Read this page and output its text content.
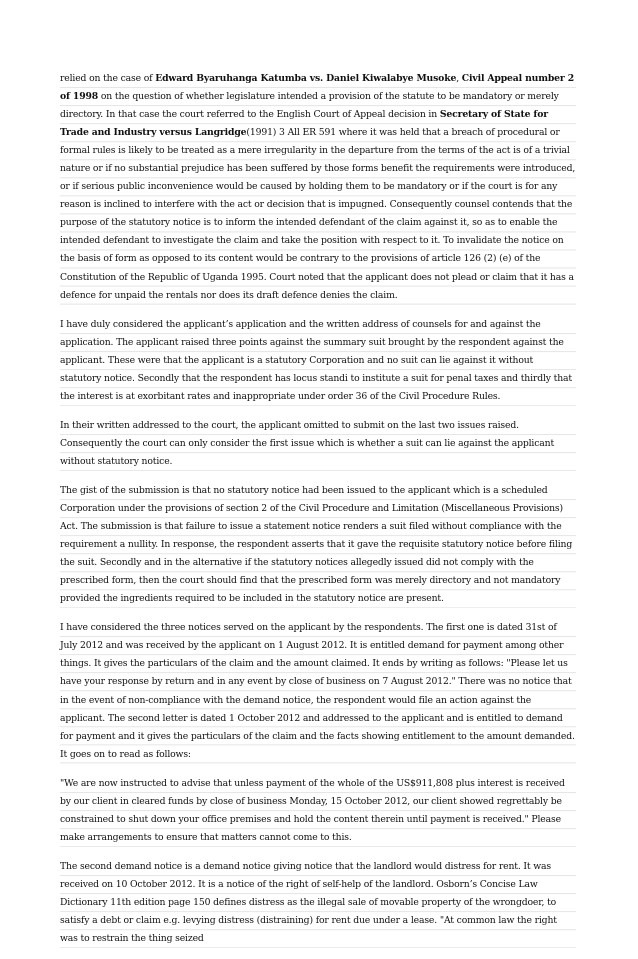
relied on the case of Edward Byaruhanga Katumba vs. Daniel Kiwalabye Musoke, Civil Appeal number 2 of 1998 on the question of whether legislature intended a provision of the statute to be mandatory or merely directory. In that case the court referred to the English Court of Appeal decision in Secretary of State for Trade and Industry versus Langridge(1991) 3 All ER 591 where it was held that a breach of procedural or formal rules is likely to be treated as a mere irregularity in the departure from the terms of the act is of a trivial nature or if no substantial prejudice has been suffered by those forms benefit the requirements were introduced, or if serious public inconvenience would be caused by holding them to be mandatory or if the court is for any reason is inclined to interfere with the act or decision that is impugned. Consequently counsel contends that the purpose of the statutory notice is to inform the intended defendant of the claim against it, so as to enable the intended defendant to investigate the claim and take the position with respect to it. To invalidate the notice on the basis of form as opposed to its content would be contrary to the provisions of article 126 (2) (e) of the Constitution of the Republic of Uganda 1995. Court noted that the applicant does not plead or claim that it has a defence for unpaid the rentals nor does its draft defence denies the claim.

I have duly considered the applicant’s application and the written address of counsels for and against the application. The applicant raised three points against the summary suit brought by the respondent against the applicant. These were that the applicant is a statutory Corporation and no suit can lie against it without statutory notice. Secondly that the respondent has locus standi to institute a suit for penal taxes and thirdly that the interest is at exorbitant rates and inappropriate under order 36 of the Civil Procedure Rules.

In their written addressed to the court, the applicant omitted to submit on the last two issues raised. Consequently the court can only consider the first issue which is whether a suit can lie against the applicant without statutory notice.

The gist of the submission is that no statutory notice had been issued to the applicant which is a scheduled Corporation under the provisions of section 2 of the Civil Procedure and Limitation (Miscellaneous Provisions) Act. The submission is that failure to issue a statement notice renders a suit filed without compliance with the requirement a nullity. In response, the respondent asserts that it gave the requisite statutory notice before filing the suit. Secondly and in the alternative if the statutory notices allegedly issued did not comply with the prescribed form, then the court should find that the prescribed form was merely directory and not mandatory provided the ingredients required to be included in the statutory notice are present.

I have considered the three notices served on the applicant by the respondents. The first one is dated 31st of July 2012 and was received by the applicant on 1 August 2012. It is entitled demand for payment among other things. It gives the particulars of the claim and the amount claimed. It ends by writing as follows: "Please let us have your response by return and in any event by close of business on 7 August 2012." There was no notice that in the event of non-compliance with the demand notice, the respondent would file an action against the applicant. The second letter is dated 1 October 2012 and addressed to the applicant and is entitled to demand for payment and it gives the particulars of the claim and the facts showing entitlement to the amount demanded. It goes on to read as follows:

"We are now instructed to advise that unless payment of the whole of the US$911,808 plus interest is received by our client in cleared funds by close of business Monday, 15 October 2012, our client showed regrettably be constrained to shut down your office premises and hold the content therein until payment is received." Please make arrangements to ensure that matters cannot come to this.

The second demand notice is a demand notice giving notice that the landlord would distress for rent. It was received on 10 October 2012. It is a notice of the right of self-help of the landlord. Osborn’s Concise Law Dictionary 11th edition page 150 defines distress as the illegal sale of movable property of the wrongdoer, to satisfy a debt or claim e.g. levying distress (distraining) for rent due under a lease. "At common law the right was to restrain the thing seized
